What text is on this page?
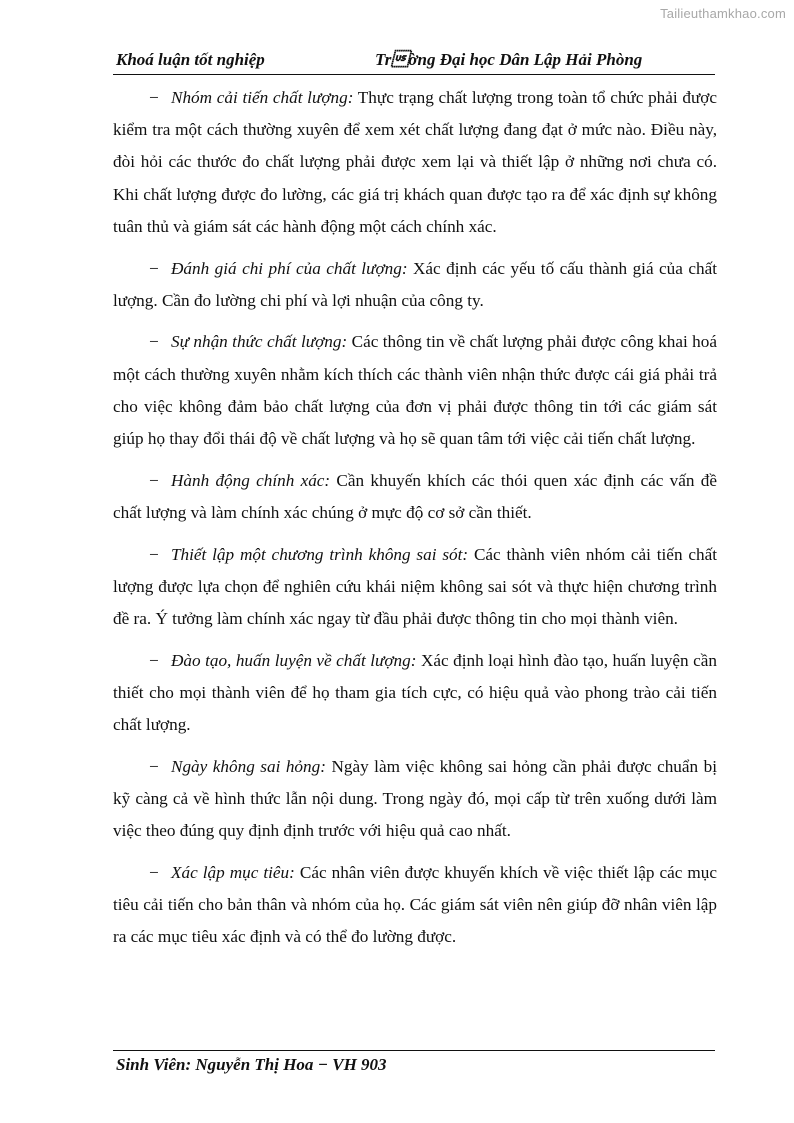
Tailieuthamkhao.com
Khoá luận tốt nghiệp	Trờng Đại học Dân Lập Hải Phòng

− Nhóm cải tiến chất lượng: Thực trạng chất lượng trong toàn tổ chức phải được kiểm tra một cách thường xuyên để xem xét chất lượng đang đạt ở mức nào. Điều này, đòi hỏi các thước đo chất lượng phải được xem lại và thiết lập ở những nơi chưa có. Khi chất lượng được đo lường, các giá trị khách quan được tạo ra để xác định sự không tuân thủ và giám sát các hành động một cách chính xác.

− Đánh giá chi phí của chất lượng: Xác định các yếu tố cấu thành giá của chất lượng. Cần đo lường chi phí và lợi nhuận của công ty.

− Sự nhận thức chất lượng: Các thông tin về chất lượng phải được công khai hoá một cách thường xuyên nhằm kích thích các thành viên nhận thức được cái giá phải trả cho việc không đảm bảo chất lượng của đơn vị phải được thông tin tới các giám sát giúp họ thay đổi thái độ về chất lượng và họ sẽ quan tâm tới việc cải tiến chất lượng.

− Hành động chính xác: Cần khuyến khích các thói quen xác định các vấn đề chất lượng và làm chính xác chúng ở mực độ cơ sở cần thiết.

− Thiết lập một chương trình không sai sót: Các thành viên nhóm cải tiến chất lượng được lựa chọn để nghiên cứu khái niệm không sai sót và thực hiện chương trình đề ra. Ý tưởng làm chính xác ngay từ đầu phải được thông tin cho mọi thành viên.

− Đào tạo, huấn luyện về chất lượng: Xác định loại hình đào tạo, huấn luyện cần thiết cho mọi thành viên để họ tham gia tích cực, có hiệu quả vào phong trào cải tiến chất lượng.

− Ngày không sai hỏng: Ngày làm việc không sai hỏng cần phải được chuẩn bị kỹ càng cả về hình thức lẫn nội dung. Trong ngày đó, mọi cấp từ trên xuống dưới làm việc theo đúng quy định định trước với hiệu quả cao nhất.

− Xác lập mục tiêu: Các nhân viên được khuyến khích về việc thiết lập các mục tiêu cải tiến cho bản thân và nhóm của họ. Các giám sát viên nên giúp đỡ nhân viên lập ra các mục tiêu xác định và có thể đo lường được.

Sinh Viên: Nguyễn Thị Hoa − VH 903
